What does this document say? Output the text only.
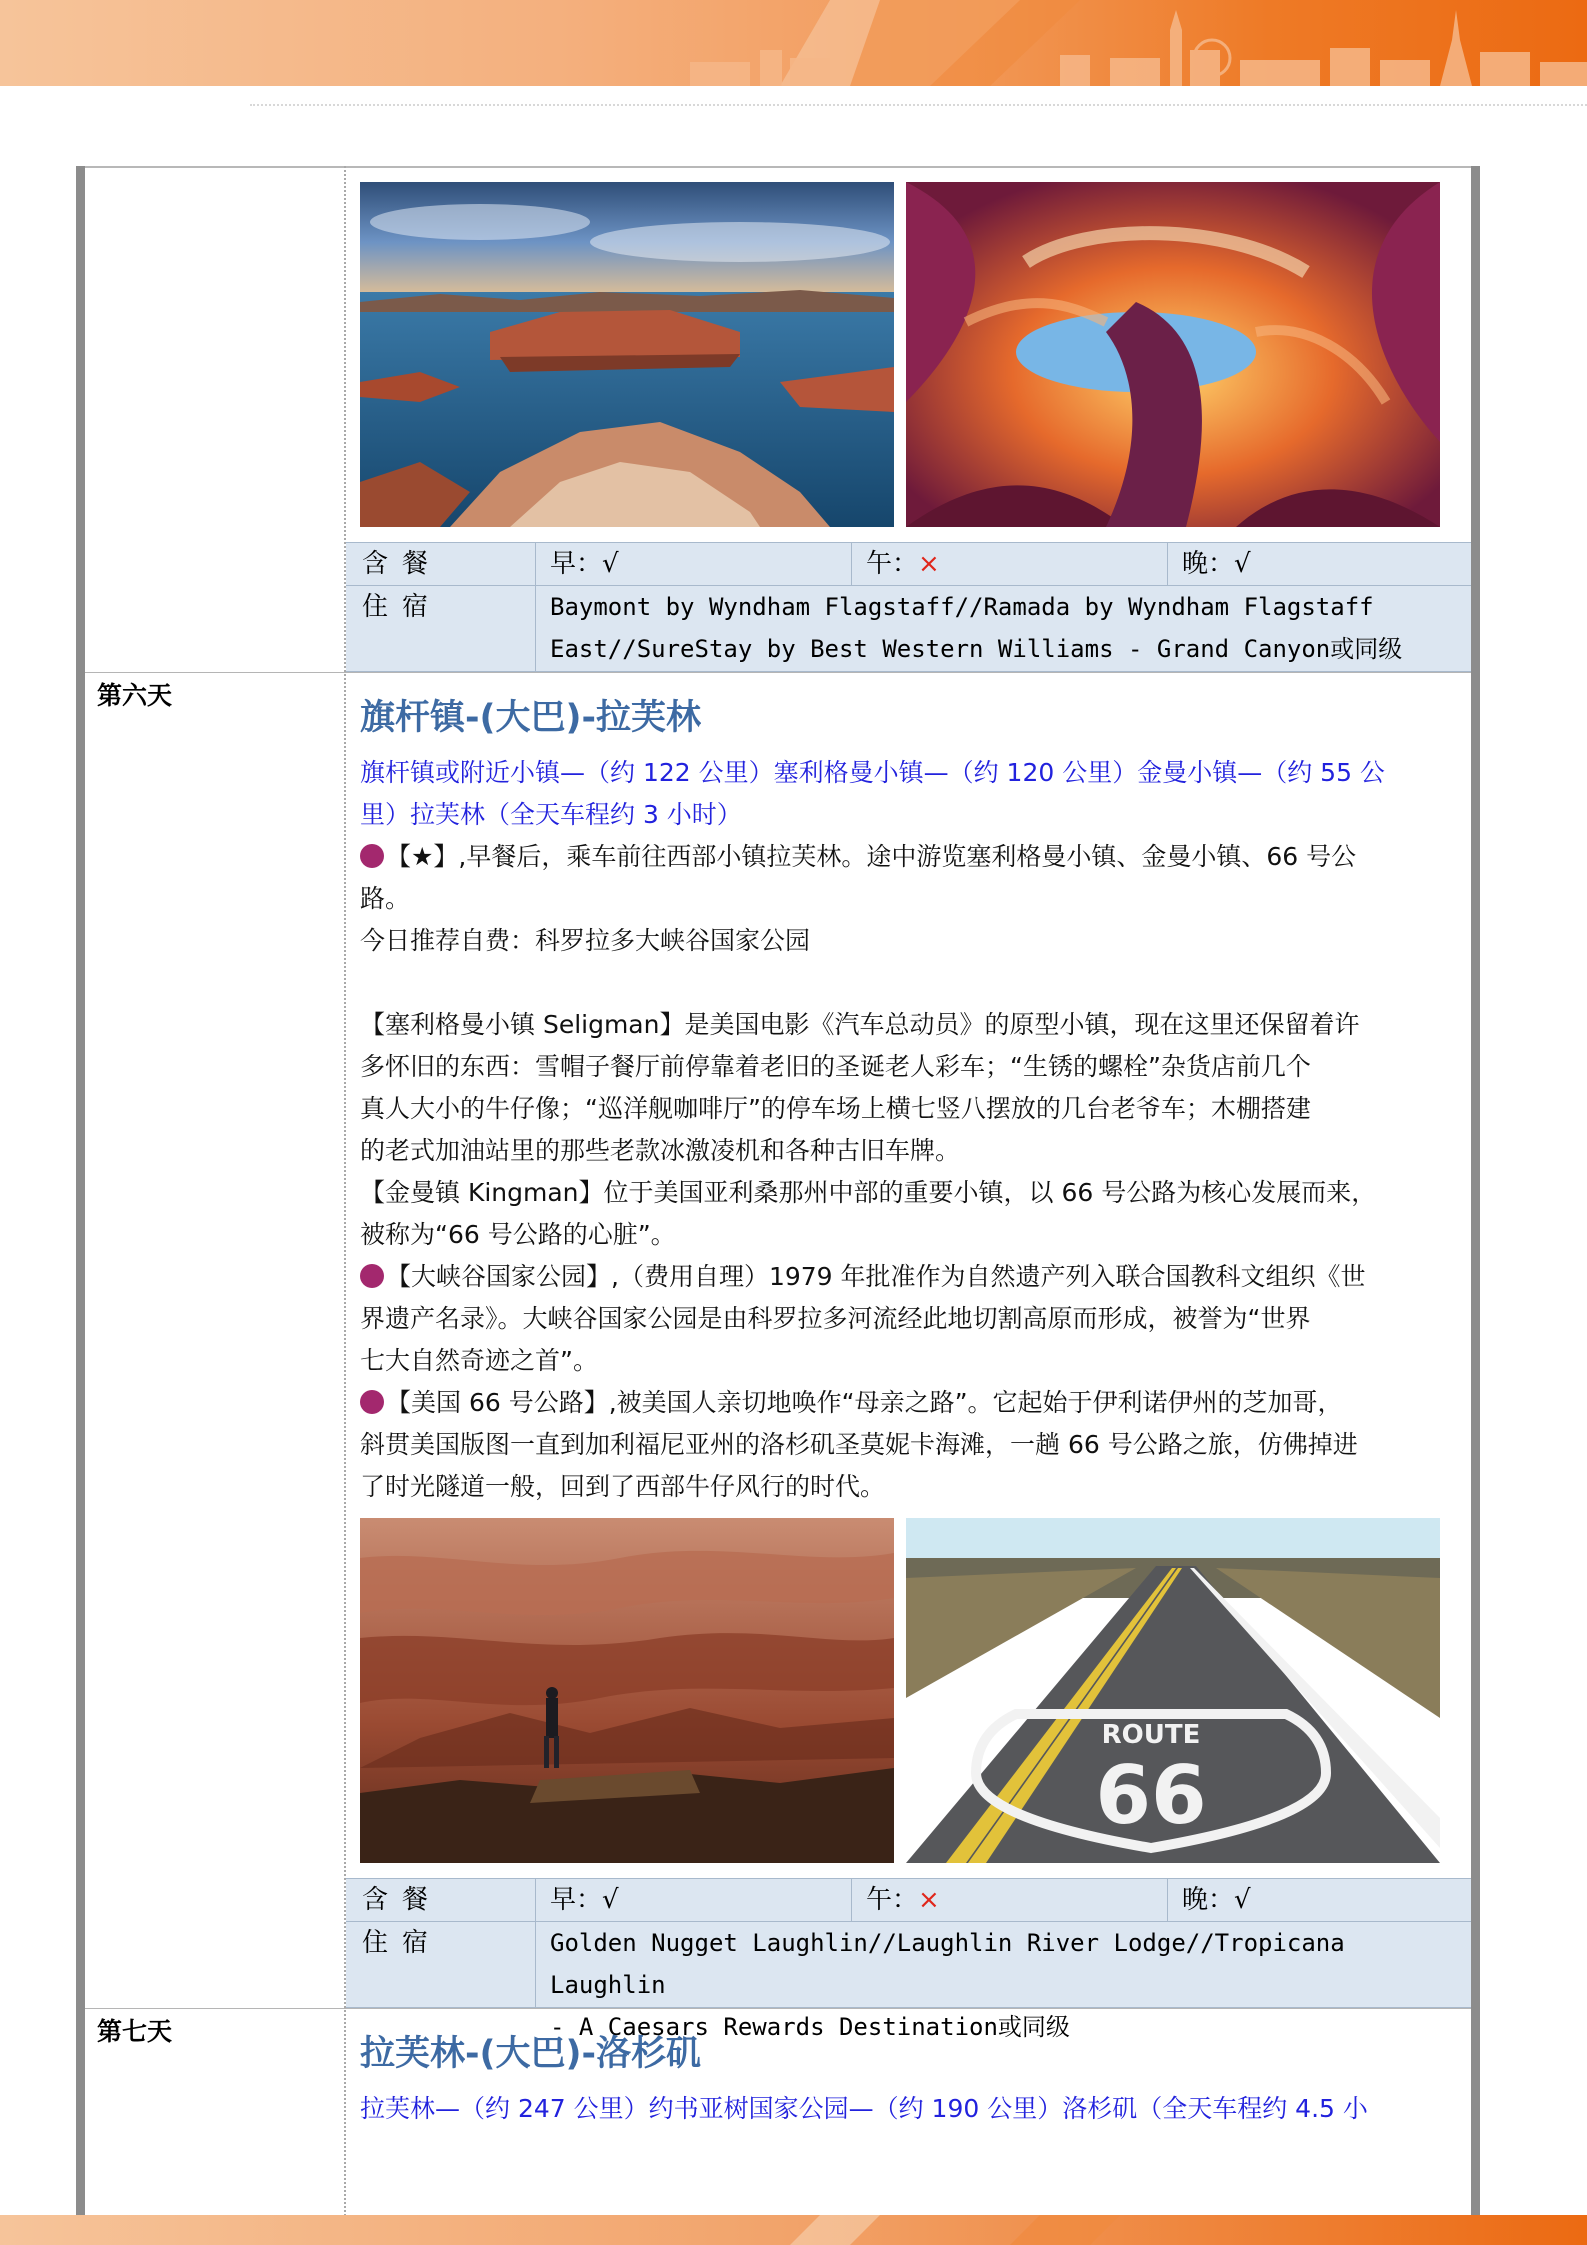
含餐	早：√	午：×	晚：√
住宿	Baymont by Wyndham Flagstaff//Ramada by Wyndham Flagstaff
East//SureStay by Best Western Williams - Grand Canyon或同级
第六天
旗杆镇-(大巴)-拉芙林
旗杆镇或附近小镇—（约 122 公里）塞利格曼小镇—（约 120 公里）金曼小镇—（约 55 公
里）拉芙林（全天车程约 3 小时）
【★】,早餐后，乘车前往西部小镇拉芙林。途中游览塞利格曼小镇、金曼小镇、66 号公
路。
今日推荐自费：科罗拉多大峡谷国家公园
【塞利格曼小镇 Seligman】是美国电影《汽车总动员》的原型小镇，现在这里还保留着许
多怀旧的东西：雪帽子餐厅前停靠着老旧的圣诞老人彩车；“生锈的螺栓”杂货店前几个
真人大小的牛仔像；“巡洋舰咖啡厅”的停车场上横七竖八摆放的几台老爷车；木棚搭建
的老式加油站里的那些老款冰激凌机和各种古旧车牌。
【金曼镇 Kingman】位于美国亚利桑那州中部的重要小镇，以 66 号公路为核心发展而来，
被称为“66 号公路的心脏”。
【大峡谷国家公园】,（费用自理）1979 年批准作为自然遗产列入联合国教科文组织《世
界遗产名录》。大峡谷国家公园是由科罗拉多河流经此地切割高原而形成，被誉为“世界
七大自然奇迹之首”。
【美国 66 号公路】,被美国人亲切地唤作“母亲之路”。它起始于伊利诺伊州的芝加哥，
斜贯美国版图一直到加利福尼亚州的洛杉矶圣莫妮卡海滩，一趟 66 号公路之旅，仿佛掉进
了时光隧道一般，回到了西部牛仔风行的时代。
ROUTE
66
含餐	早：√	午：×	晚：√
住宿	Golden Nugget Laughlin//Laughlin River Lodge//Tropicana Laughlin
- A Caesars Rewards Destination或同级
第七天
拉芙林-(大巴)-洛杉矶
拉芙林—（约 247 公里）约书亚树国家公园—（约 190 公里）洛杉矶（全天车程约 4.5 小
